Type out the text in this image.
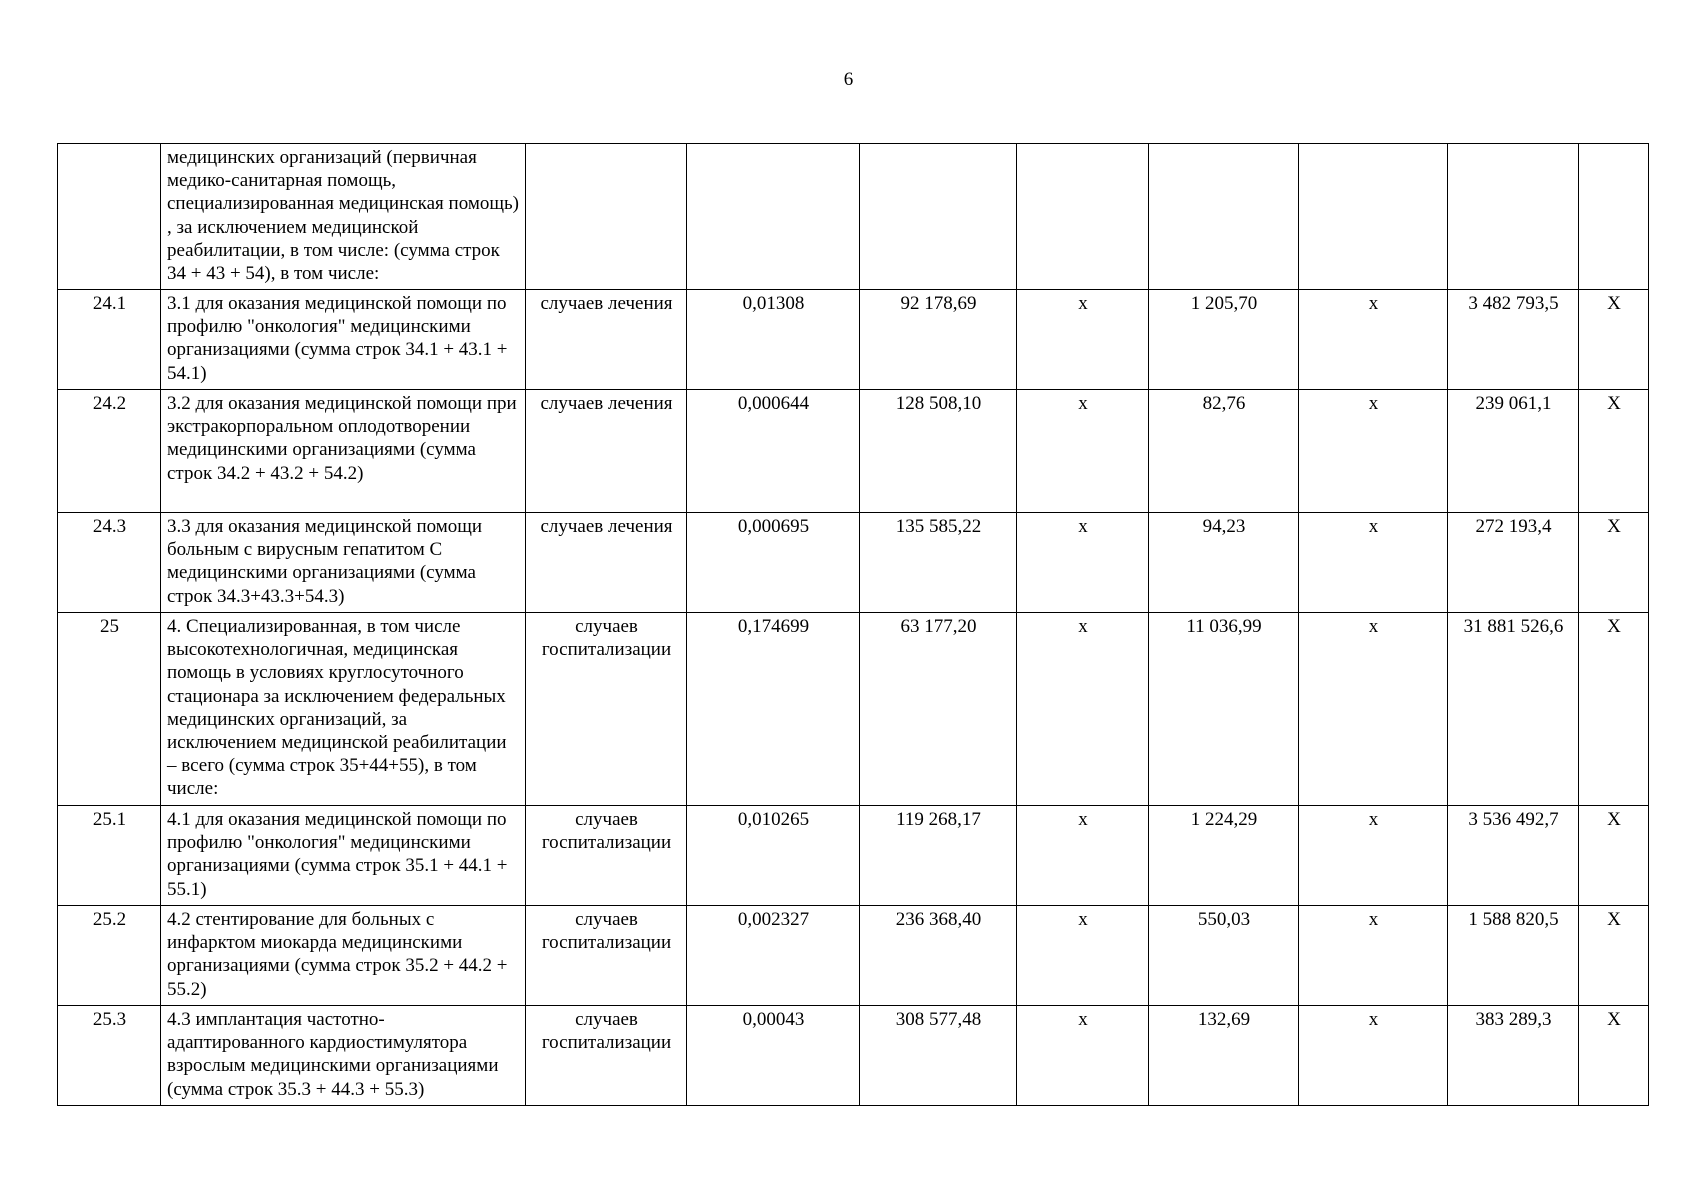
6
	медицинских организаций (первичная медико-санитарная помощь, специализированная медицинская помощь) , за исключением медицинской реабилитации, в том числе: (сумма строк 34 + 43 + 54), в том числе:								
24.1	3.1 для оказания медицинской помощи по профилю "онкология" медицинскими организациями (сумма строк 34.1 + 43.1 + 54.1)	случаев лечения	0,01308	92 178,69	х	1 205,70	х	3 482 793,5	Х
24.2	3.2 для оказания медицинской помощи при экстракорпоральном оплодотворении медицинскими организациями (сумма строк 34.2 + 43.2 + 54.2)	случаев лечения	0,000644	128 508,10	х	82,76	х	239 061,1	Х
24.3	3.3 для оказания медицинской помощи больным с вирусным гепатитом С медицинскими организациями (сумма строк 34.3+43.3+54.3)	случаев лечения	0,000695	135 585,22	х	94,23	х	272 193,4	Х
25	4. Специализированная, в том числе высокотехнологичная, медицинская помощь в условиях круглосуточного стационара за исключением федеральных медицинских организаций, за исключением медицинской реабилитации – всего (сумма строк 35+44+55), в том числе:	случаев госпитализации	0,174699	63 177,20	х	11 036,99	х	31 881 526,6	Х
25.1	4.1 для оказания медицинской помощи по профилю "онкология" медицинскими организациями (сумма строк 35.1 + 44.1 + 55.1)	случаев госпитализации	0,010265	119 268,17	х	1 224,29	х	3 536 492,7	Х
25.2	4.2 стентирование для больных с инфарктом миокарда медицинскими организациями (сумма строк 35.2 + 44.2 + 55.2)	случаев госпитализации	0,002327	236 368,40	х	550,03	х	1 588 820,5	Х
25.3	4.3 имплантация частотно-адаптированного кардиостимулятора взрослым медицинскими организациями (сумма строк 35.3 + 44.3 + 55.3)	случаев госпитализации	0,00043	308 577,48	х	132,69	х	383 289,3	Х
